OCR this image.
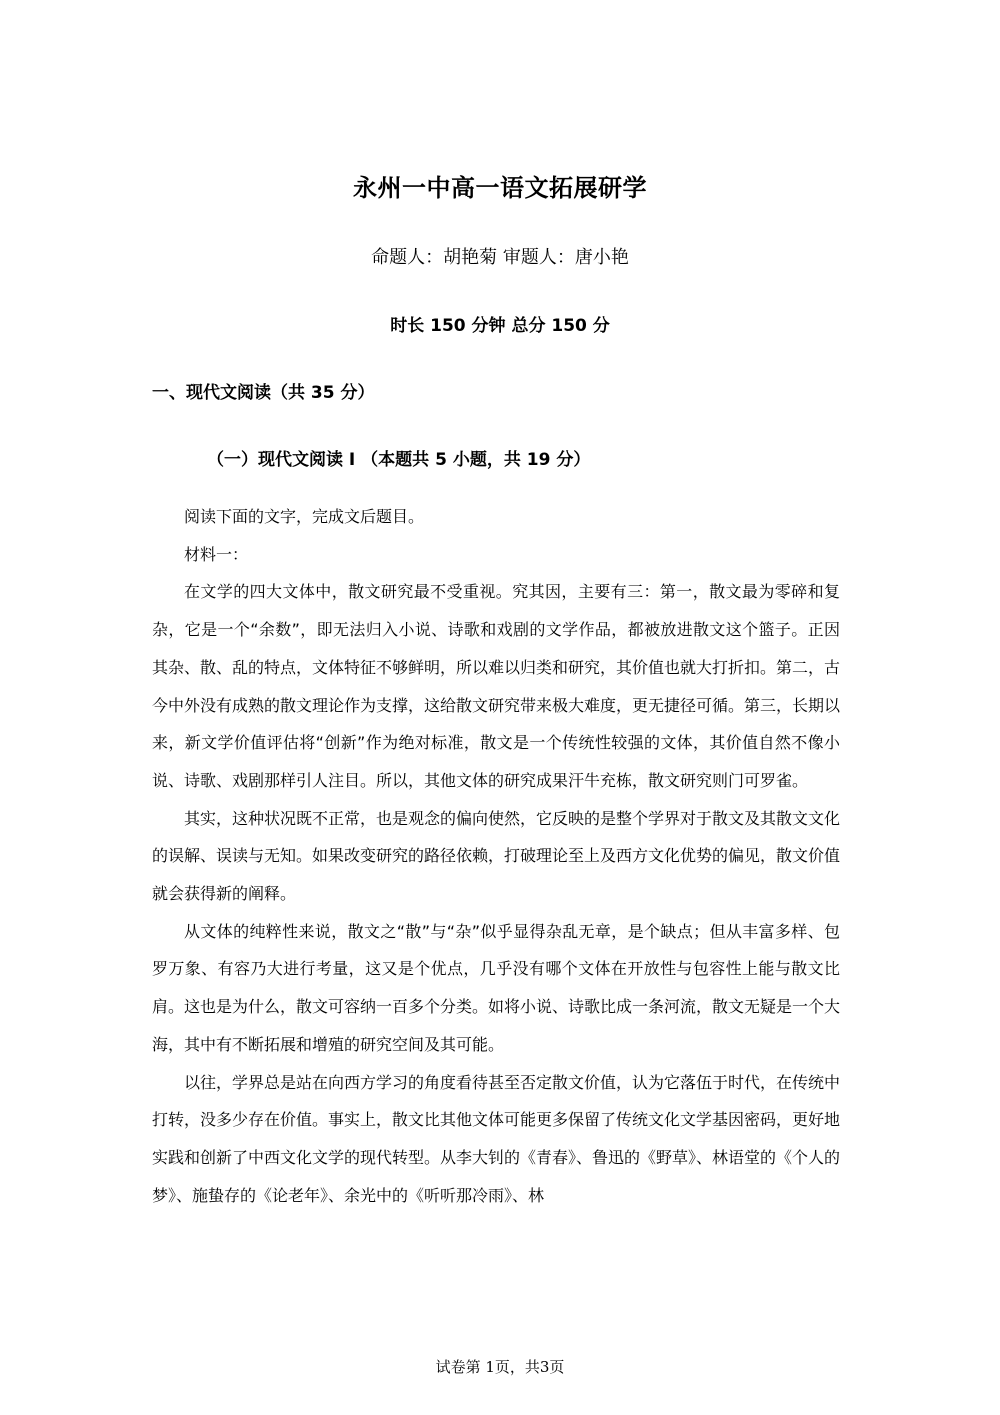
永州一中高一语文拓展研学
命题人：胡艳菊 审题人：唐小艳
时长 150 分钟 总分 150 分
一、现代文阅读（共 35 分）
（一）现代文阅读 I （本题共 5 小题，共 19 分）

阅读下面的文字，完成文后题目。

材料一：

在文学的四大文体中，散文研究最不受重视。究其因，主要有三：第一，散文最为零碎和复杂，它是一个“余数”，即无法归入小说、诗歌和戏剧的文学作品，都被放进散文这个篮子。正因其杂、散、乱的特点，文体特征不够鲜明，所以难以归类和研究，其价值也就大打折扣。第二，古今中外没有成熟的散文理论作为支撑，这给散文研究带来极大难度，更无捷径可循。第三，长期以来，新文学价值评估将“创新”作为绝对标准，散文是一个传统性较强的文体，其价值自然不像小说、诗歌、戏剧那样引人注目。所以，其他文体的研究成果汗牛充栋，散文研究则门可罗雀。

其实，这种状况既不正常，也是观念的偏向使然，它反映的是整个学界对于散文及其散文文化的误解、误读与无知。如果改变研究的路径依赖，打破理论至上及西方文化优势的偏见，散文价值就会获得新的阐释。

从文体的纯粹性来说，散文之“散”与“杂”似乎显得杂乱无章，是个缺点；但从丰富多样、包罗万象、有容乃大进行考量，这又是个优点，几乎没有哪个文体在开放性与包容性上能与散文比肩。这也是为什么，散文可容纳一百多个分类。如将小说、诗歌比成一条河流，散文无疑是一个大海，其中有不断拓展和增殖的研究空间及其可能。

以往，学界总是站在向西方学习的角度看待甚至否定散文价值，认为它落伍于时代，在传统中打转，没多少存在价值。事实上，散文比其他文体可能更多保留了传统文化文学基因密码，更好地实践和创新了中西文化文学的现代转型。从李大钊的《青春》、鲁迅的《野草》、林语堂的《个人的梦》、施蛰存的《论老年》、余光中的《听听那冷雨》、林

试卷第 1页，共3页
